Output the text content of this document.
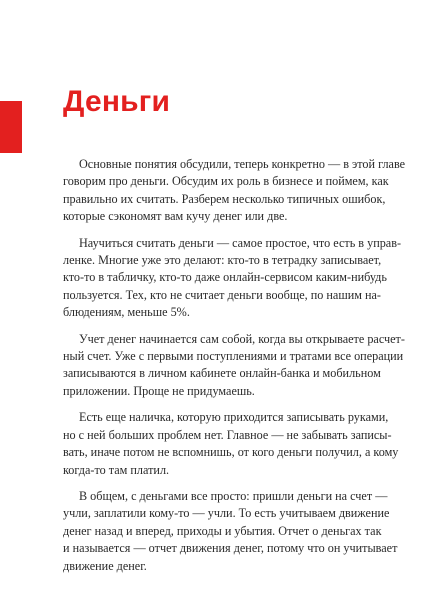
Деньги
Основные понятия обсудили, теперь конкретно — в этой главе
говорим про деньги. Обсудим их роль в бизнесе и поймем, как
правильно их считать. Разберем несколько типичных ошибок,
которые сэкономят вам кучу денег или две.
Научиться считать деньги — самое простое, что есть в управ-
ленке. Многие уже это делают: кто-то в тетрадку записывает,
кто-то в табличку, кто-то даже онлайн-сервисом каким-нибудь
пользуется. Тех, кто не считает деньги вообще, по нашим на-
блюдениям, меньше 5%.
Учет денег начинается сам собой, когда вы открываете расчет-
ный счет. Уже с первыми поступлениями и тратами все операции
записываются в личном кабинете онлайн-банка и мобильном
приложении. Проще не придумаешь.
Есть еще наличка, которую приходится записывать руками,
но с ней больших проблем нет. Главное — не забывать записы-
вать, иначе потом не вспомнишь, от кого деньги получил, а кому
когда-то там платил.
В общем, с деньгами все просто: пришли деньги на счет —
учли, заплатили кому-то — учли. То есть учитываем движение
денег назад и вперед, приходы и убытия. Отчет о деньгах так
и называется — отчет движения денег, потому что он учитывает
движение денег.
